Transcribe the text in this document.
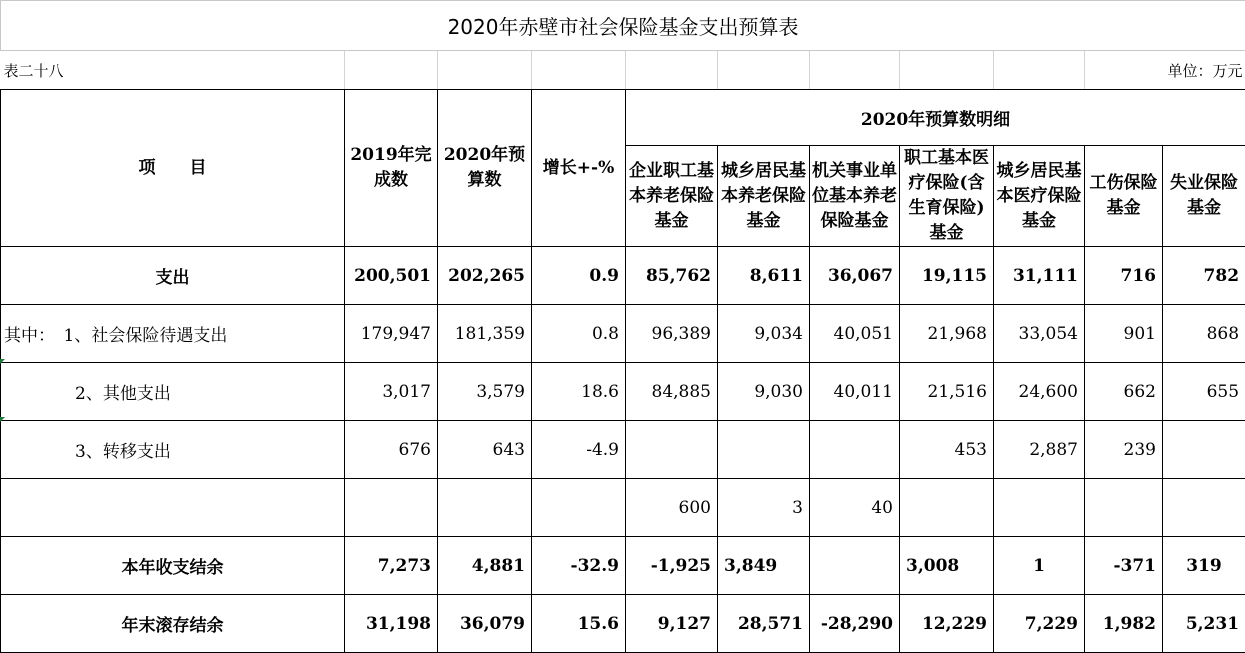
2020年赤壁市社会保险基金支出预算表										
表二十八									单位：万元	
项　　目	2019年完成数	2020年预算数	增长+-%	2020年预算数明细						
				企业职工基本养老保险基金	城乡居民基本养老保险基金	机关事业单位基本养老保险基金	职工基本医疗保险(含生育保险)基金	城乡居民基本医疗保险基金	工伤保险基金	失业保险基金
支出	200,501	202,265	0.9	85,762	8,611	36,067	19,115	31,111	716	782
其中：　1、社会保险待遇支出	179,947	181,359	0.8	96,389	9,034	40,051	21,968	33,054	901	868
2、其他支出	3,017	3,579	18.6	84,885	9,030	40,011	21,516	24,600	662	655
3、转移支出	676	643	-4.9				453	2,887	239	
				600	3	40				
本年收支结余	7,273	4,881	-32.9	-1,925	3,849		3,008	1	-371	319
年末滚存结余	31,198	36,079	15.6	9,127	28,571	-28,290	12,229	7,229	1,982	5,231
